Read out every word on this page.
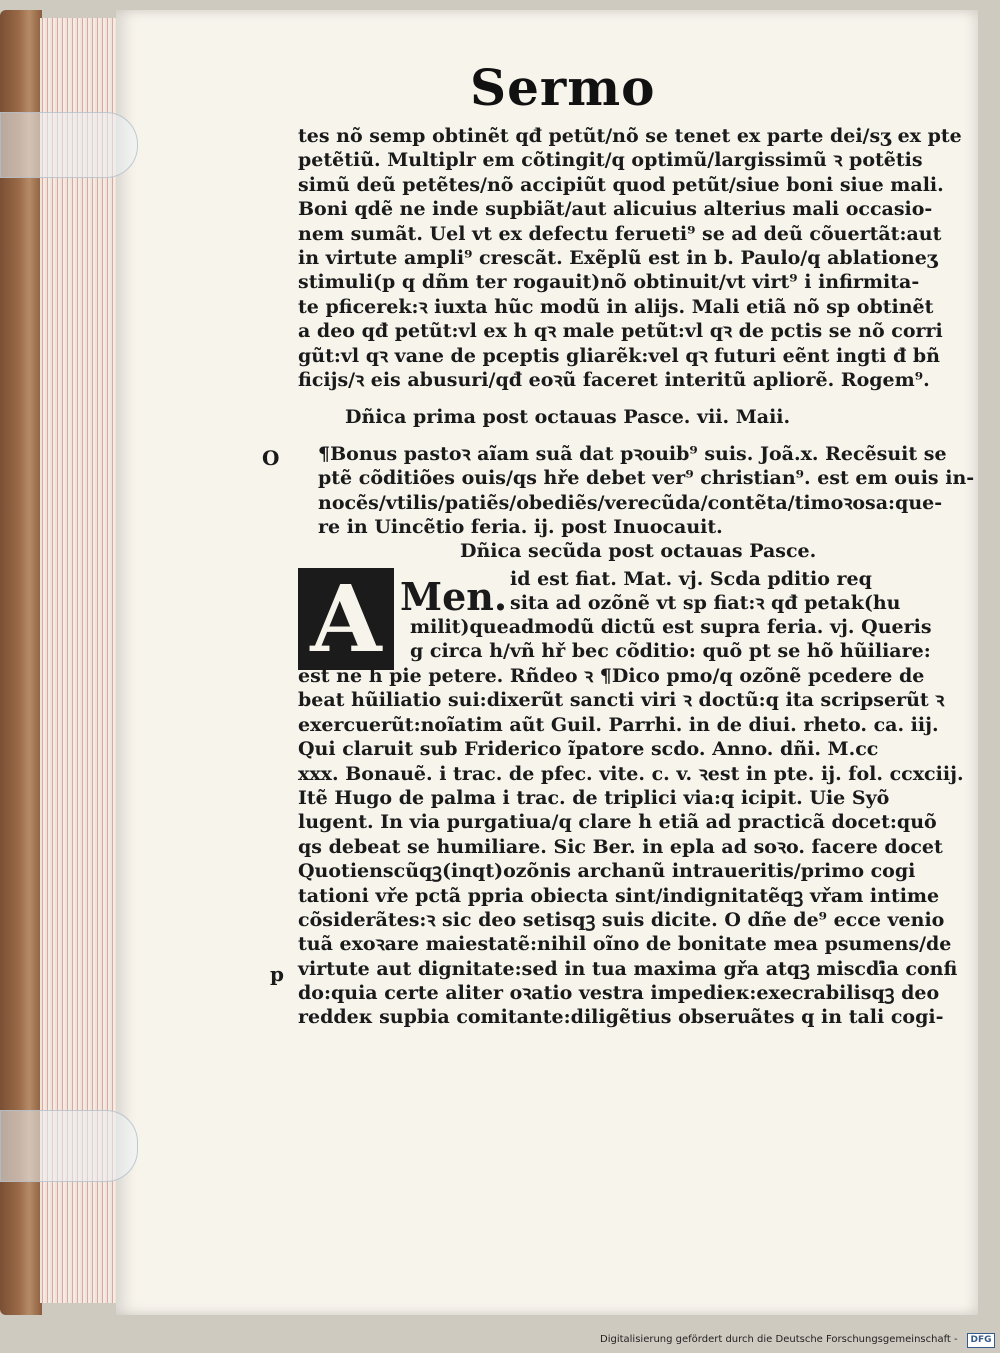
Sermo
tes nõ semp obtinẽt qđ petũt/nõ se tenet ex parte dei/sʒ ex pte
petẽtiũ. Multiplr em cõtingit/q optimũ/largissimũ ꝛ potẽtis
simũ deũ petẽtes/nõ accipiũt quod petũt/siue boni siue mali.
Boni qdẽ ne inde supbiãt/aut alicuius alterius mali occasio-
nem sumãt. Uel vt ex defectu ferueti⁹ se ad deũ cõuertãt:aut
in virtute ampli⁹ crescãt. Exẽplũ est in b. Paulo/q ablationeʒ
stimuli(p q dñm ter rogauit)nõ obtinuit/vt virt⁹ i infirmita-
te pficerek:ꝛ iuxta hũc modũ in alijs. Mali etiã nõ sp obtinẽt
a deo qđ petũt:vl ex h qꝛ male petũt:vl qꝛ de pctis se nõ corri
gũt:vl qꝛ vane de pceptis gliarẽk:vel qꝛ futuri eẽnt ingti đ bñ
ficijs/ꝛ eis abusuri/qđ eoꝛũ faceret interitũ apliorẽ. Rogem⁹.
Dñica prima post octauas Pasce. vii. Maii.
O ¶Bonus pastoꝛ aĩam suã dat pꝛouib⁹ suis. Joã.x. Recẽsuit se
ptẽ cõditiões ouis/qs hře debet ver⁹ christian⁹. est em ouis in-
nocẽs/vtilis/patiẽs/obediẽs/verecũda/contẽta/timoꝛosa:que-
re in Uincẽtio feria. ij. post Inuocauit.
Dñica secũda post octauas Pasce.
A Men. id est fiat. Mat. vj. Scda pditio req
sita ad ozõnẽ vt sp fiat:ꝛ qđ petak(hu
milit)queadmodũ dictũ est supra feria. vj. Queris
g circa h/vñ hř bec cõditio: quõ pt se hõ hũiliare:
p
est ne h pie petere. Rñdeo ꝛ ¶Dico pmo/q ozõnẽ pcedere de
beat hũiliatio sui:dixerũt sancti viri ꝛ doctũ:q ita scripserũt ꝛ
exercuerũt:noĩatim aũt Guil. Parrhi. in de diui. rheto. ca. iij.
Qui claruit sub Friderico ĩpatore scdo. Anno. dñi. M.cc
xxx. Bonauẽ. i trac. de pfec. vite. c. v. ꝛest in pte. ij. fol. ccxciij.
Itẽ Hugo de palma i trac. de triplici via:q icipit. Uie Syõ
lugent. In via purgatiua/q clare h etiã ad practicã docet:quõ
qs debeat se humiliare. Sic Ber. in epla ad soꝛo. facere docet
Quotienscũqꝫ(inqt)ozõnis archanũ intraueritis/primo cogi
tationi vře pctã ppria obiecta sint/indignitatẽqꝫ vřam intime
cõsiderãtes:ꝛ sic deo setisqꝫ suis dicite. O dñe de⁹ ecce venio
tuã exoꝛare maiestatẽ:nihil oĩno de bonitate mea psumens/de
virtute aut dignitate:sed in tua maxima gřa atqꝫ miscďia confi
do:quia certe aliter oꝛatio vestra impedieк:execrabilisqꝫ deo
reddeк supbia comitante:diligẽtius obseruãtes q in tali cogi-
Digitalisierung gefördert durch die Deutsche Forschungsgemeinschaft -	DFG
